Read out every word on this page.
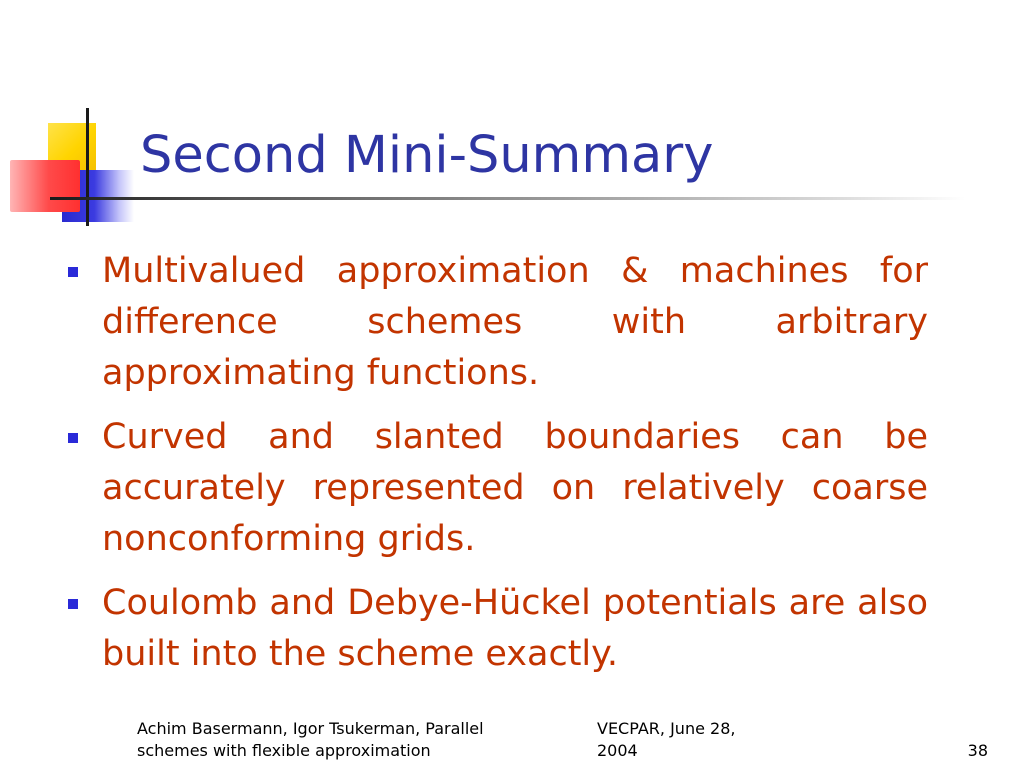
Second Mini-Summary
Multivalued approximation & machines for difference schemes with arbitrary approximating functions.
Curved and slanted boundaries can be accurately represented on relatively coarse nonconforming grids.
Coulomb and Debye-Hückel potentials are also built into the scheme exactly.
Achim Basermann, Igor Tsukerman, Parallel
schemes with flexible approximation
VECPAR, June 28,
2004	38
